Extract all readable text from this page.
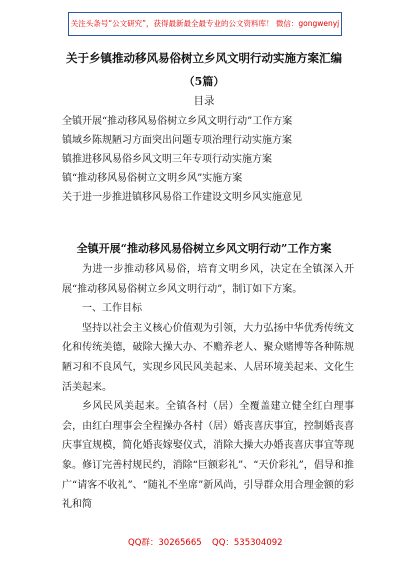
关注头条号“公文研究”，获得最新最全最专业的公文资料库！ 微信：gongwenyj
关于乡镇推动移风易俗树立乡风文明行动实施方案汇编
（5篇）
目录
全镇开展“推动移风易俗树立乡风文明行动”工作方案
镇域乡陈规陋习方面突出问题专项治理行动实施方案
镇推进移风易俗乡风文明三年专项行动实施方案
镇“推动移风易俗树立文明乡风”实施方案
关于进一步推进镇移风易俗工作建设文明乡风实施意见
全镇开展“推动移风易俗树立乡风文明行动”工作方案

为进一步推动移风易俗，培育文明乡风，决定在全镇深入开展“推动移风易俗树立乡风文明行动”，制订如下方案。

一、工作目标

坚持以社会主义核心价值观为引领，大力弘扬中华优秀传统文化和传统美德，破除大操大办、不赡养老人、聚众赌博等各种陈规陋习和不良风气，实现乡风民风美起来、人居环境美起来、文化生活美起来。

乡风民风美起来。全镇各村（居）全覆盖建立健全红白理事会，由红白理事会全程操办各村（居）婚丧喜庆事宜，控制婚丧喜庆事宜规模，简化婚丧嫁娶仪式，消除大操大办婚丧喜庆事宜等现象。修订完善村规民约，消除“巨额彩礼”、“天价彩礼”，倡导和推广“请客不收礼”、“随礼不坐席”新风尚，引导群众用合理金额的彩礼和简

QQ群：30265665 QQ：535304092
